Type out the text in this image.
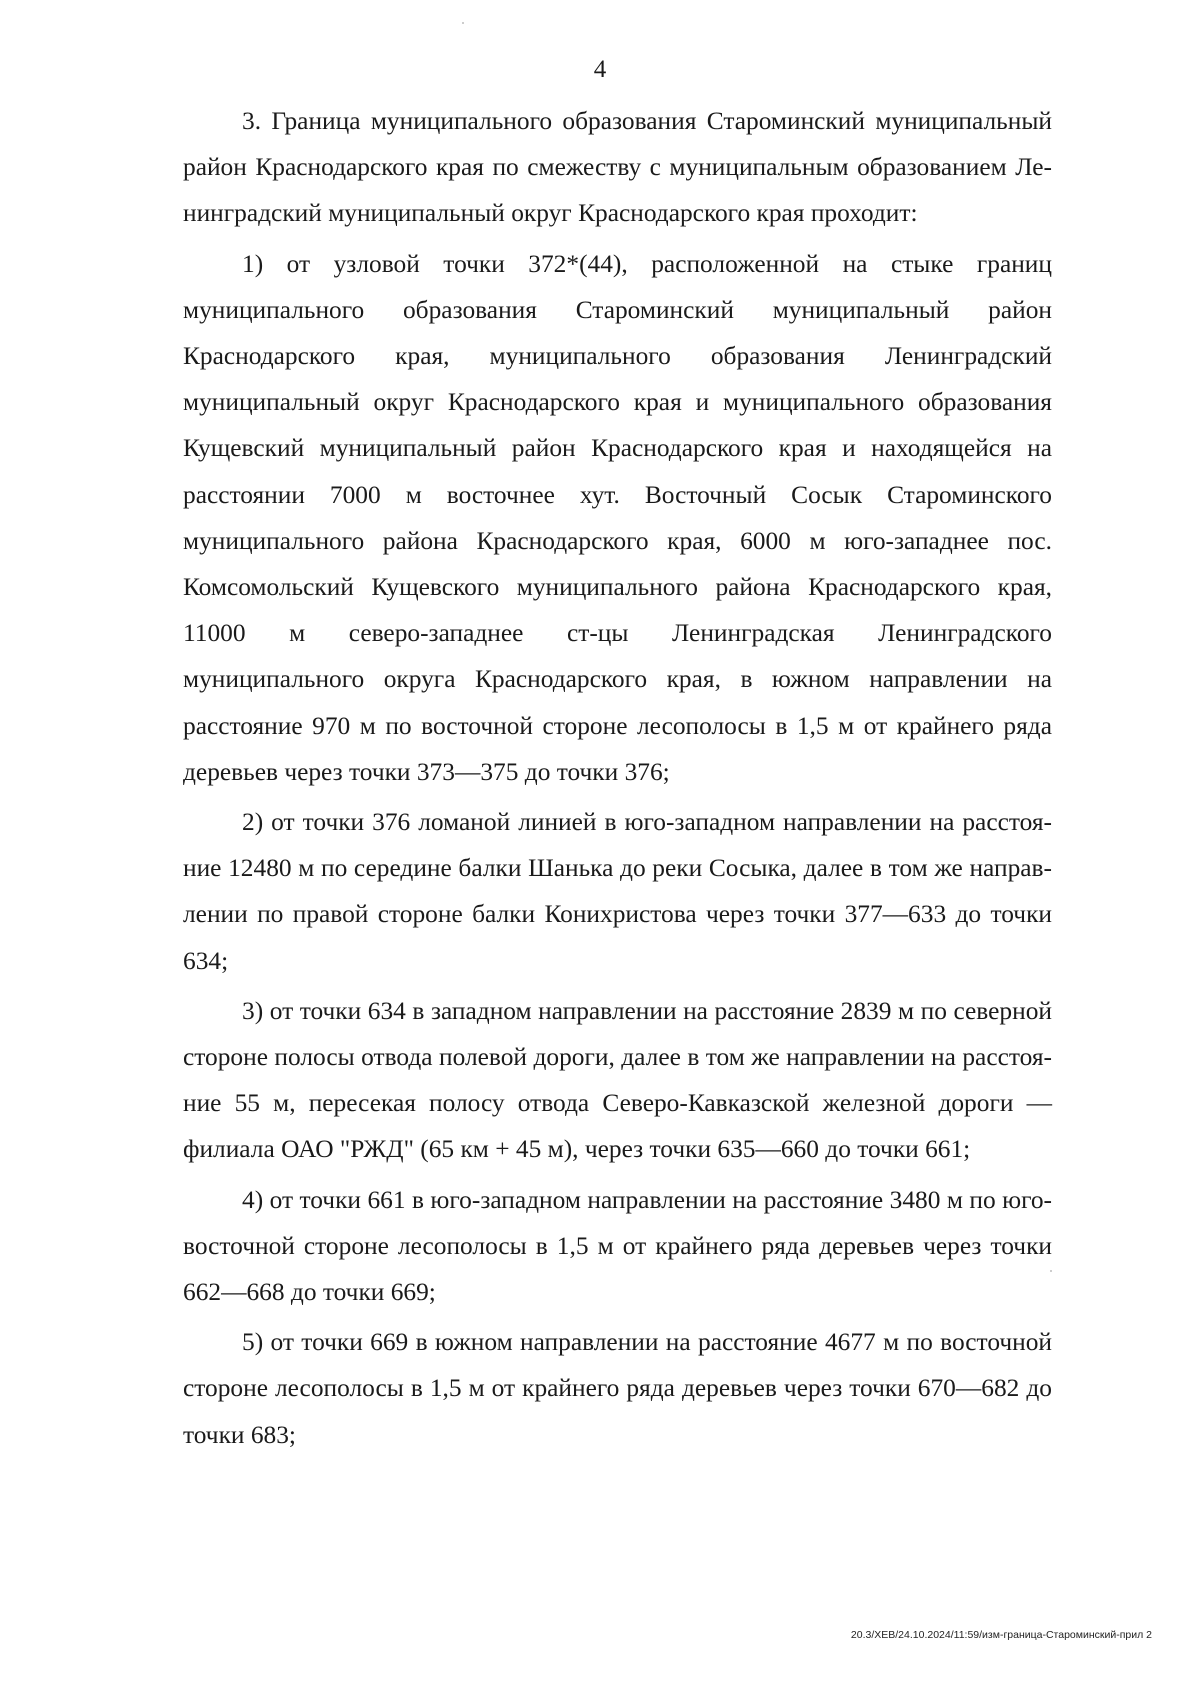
4

3. Граница муниципального образования Староминский муниципальный район Краснодарского края по смежеству с муниципальным образованием Ленинградский муниципальный округ Краснодарского края проходит:

1) от узловой точки 372*(44), расположенной на стыке границ муниципального образования Староминский муниципальный район Краснодарского края, муниципального образования Ленинградский муниципальный округ Краснодарского края и муниципального образования Кущевский муниципальный район Краснодарского края и находящейся на расстоянии 7000 м восточнее хут. Восточный Сосык Староминского муниципального района Краснодарского края, 6000 м юго-западнее пос. Комсомольский Кущевского муниципального района Краснодарского края, 11000 м северо-западнее ст-цы Ленинградская Ленинградского муниципального округа Краснодарского края, в южном направлении на расстояние 970 м по восточной стороне лесополосы в 1,5 м от крайнего ряда деревьев через точки 373—375 до точки 376;

2) от точки 376 ломаной линией в юго-западном направлении на расстояние 12480 м по середине балки Шанька до реки Сосыка, далее в том же направлении по правой стороне балки Конихристова через точки 377—633 до точки 634;

3) от точки 634 в западном направлении на расстояние 2839 м по северной стороне полосы отвода полевой дороги, далее в том же направлении на расстояние 55 м, пересекая полосу отвода Северо-Кавказской железной дороги — филиала ОАО "РЖД" (65 км + 45 м), через точки 635—660 до точки 661;

4) от точки 661 в юго-западном направлении на расстояние 3480 м по юго-восточной стороне лесополосы в 1,5 м от крайнего ряда деревьев через точки 662—668 до точки 669;

5) от точки 669 в южном направлении на расстояние 4677 м по восточной стороне лесополосы в 1,5 м от крайнего ряда деревьев через точки 670—682 до точки 683;

20.3/ХЕВ/24.10.2024/11:59/изм-граница-Староминский-прил 2
